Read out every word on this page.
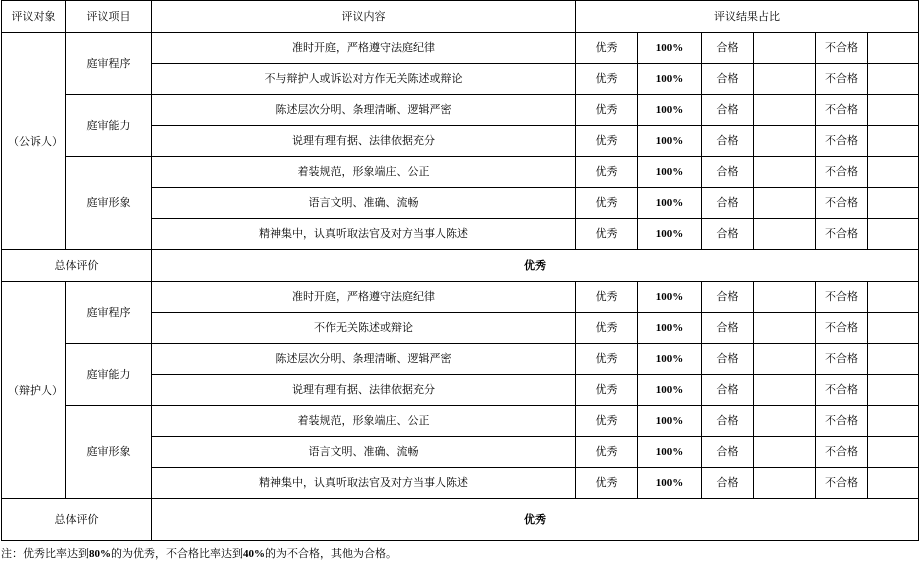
评议对象	评议项目	评议内容	评议结果占比					
（公诉人）	庭审程序	准时开庭，严格遵守法庭纪律	优秀	100%	合格		不合格	
		不与辩护人或诉讼对方作无关陈述或辩论	优秀	100%	合格		不合格	
	庭审能力	陈述层次分明、条理清晰、逻辑严密	优秀	100%	合格		不合格	
		说理有理有据、法律依据充分	优秀	100%	合格		不合格	
	庭审形象	着装规范，形象端庄、公正	优秀	100%	合格		不合格	
		语言文明、准确、流畅	优秀	100%	合格		不合格	
		精神集中，认真听取法官及对方当事人陈述	优秀	100%	合格		不合格	
总体评价		优秀						
（辩护人）	庭审程序	准时开庭，严格遵守法庭纪律	优秀	100%	合格		不合格	
		不作无关陈述或辩论	优秀	100%	合格		不合格	
	庭审能力	陈述层次分明、条理清晰、逻辑严密	优秀	100%	合格		不合格	
		说理有理有据、法律依据充分	优秀	100%	合格		不合格	
	庭审形象	着装规范，形象端庄、公正	优秀	100%	合格		不合格	
		语言文明、准确、流畅	优秀	100%	合格		不合格	
		精神集中，认真听取法官及对方当事人陈述	优秀	100%	合格		不合格	
总体评价		优秀						
注：优秀比率达到80%的为优秀，不合格比率达到40%的为不合格，其他为合格。
